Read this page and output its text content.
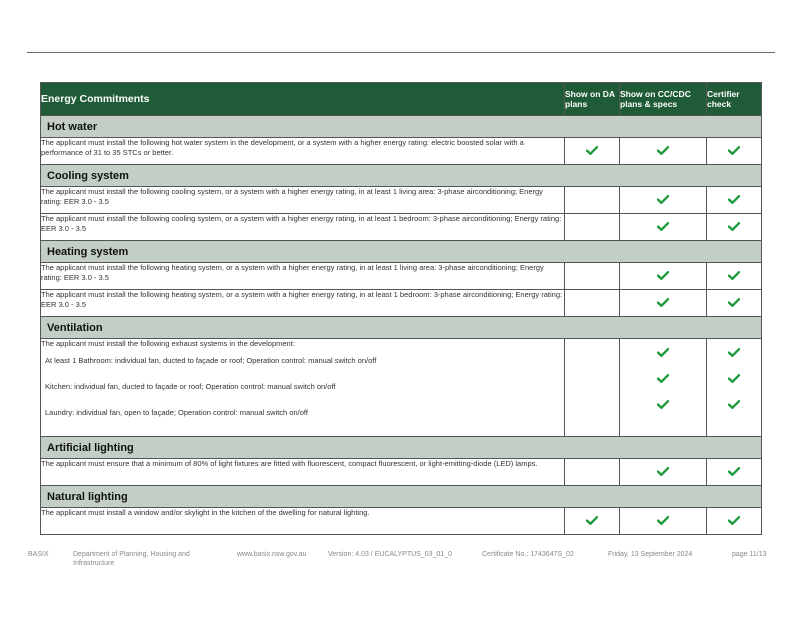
Energy Commitments	Show on DA plans	Show on CC/CDC plans & specs	Certifier check
Hot water			
The applicant must install the following hot water system in the development, or a system with a higher energy rating: electric boosted solar with a performance of 31 to 35 STCs or better.	

Cooling system			
The applicant must install the following cooling system, or a system with a higher energy rating, in at least 1 living area: 3-phase airconditioning; Energy rating: EER 3.0 - 3.5		

The applicant must install the following cooling system, or a system with a higher energy rating, in at least 1 bedroom: 3-phase airconditioning; Energy rating: EER 3.0 - 3.5		

Heating system			
The applicant must install the following heating system, or a system with a higher energy rating, in at least 1 living area: 3-phase airconditioning; Energy rating: EER 3.0 - 3.5		

The applicant must install the following heating system, or a system with a higher energy rating, in at least 1 bedroom: 3-phase airconditioning; Energy rating: EER 3.0 - 3.5		

Ventilation			

The applicant must install the following exhaust systems in the development:
At least 1 Bathroom: individual fan, ducted to façade or roof; Operation control: manual switch on/off
Kitchen: individual fan, ducted to façade or roof; Operation control: manual switch on/off
Laundry: individual fan, open to façade; Operation control: manual switch on/off

Artificial lighting			
The applicant must ensure that a minimum of 80% of light fixtures are fitted with fluorescent, compact fluorescent, or light-emitting-diode (LED) lamps.		

Natural lighting			
The applicant must install a window and/or skylight in the kitchen of the dwelling for natural lighting.	

BASIX	Department of Planning, Housing and Infrastructure
www.basix.nsw.gov.au	Version: 4.03 / EUCALYPTUS_03_01_0	Certificate No.: 1743647S_02	Friday, 13 September 2024	page 11/13
